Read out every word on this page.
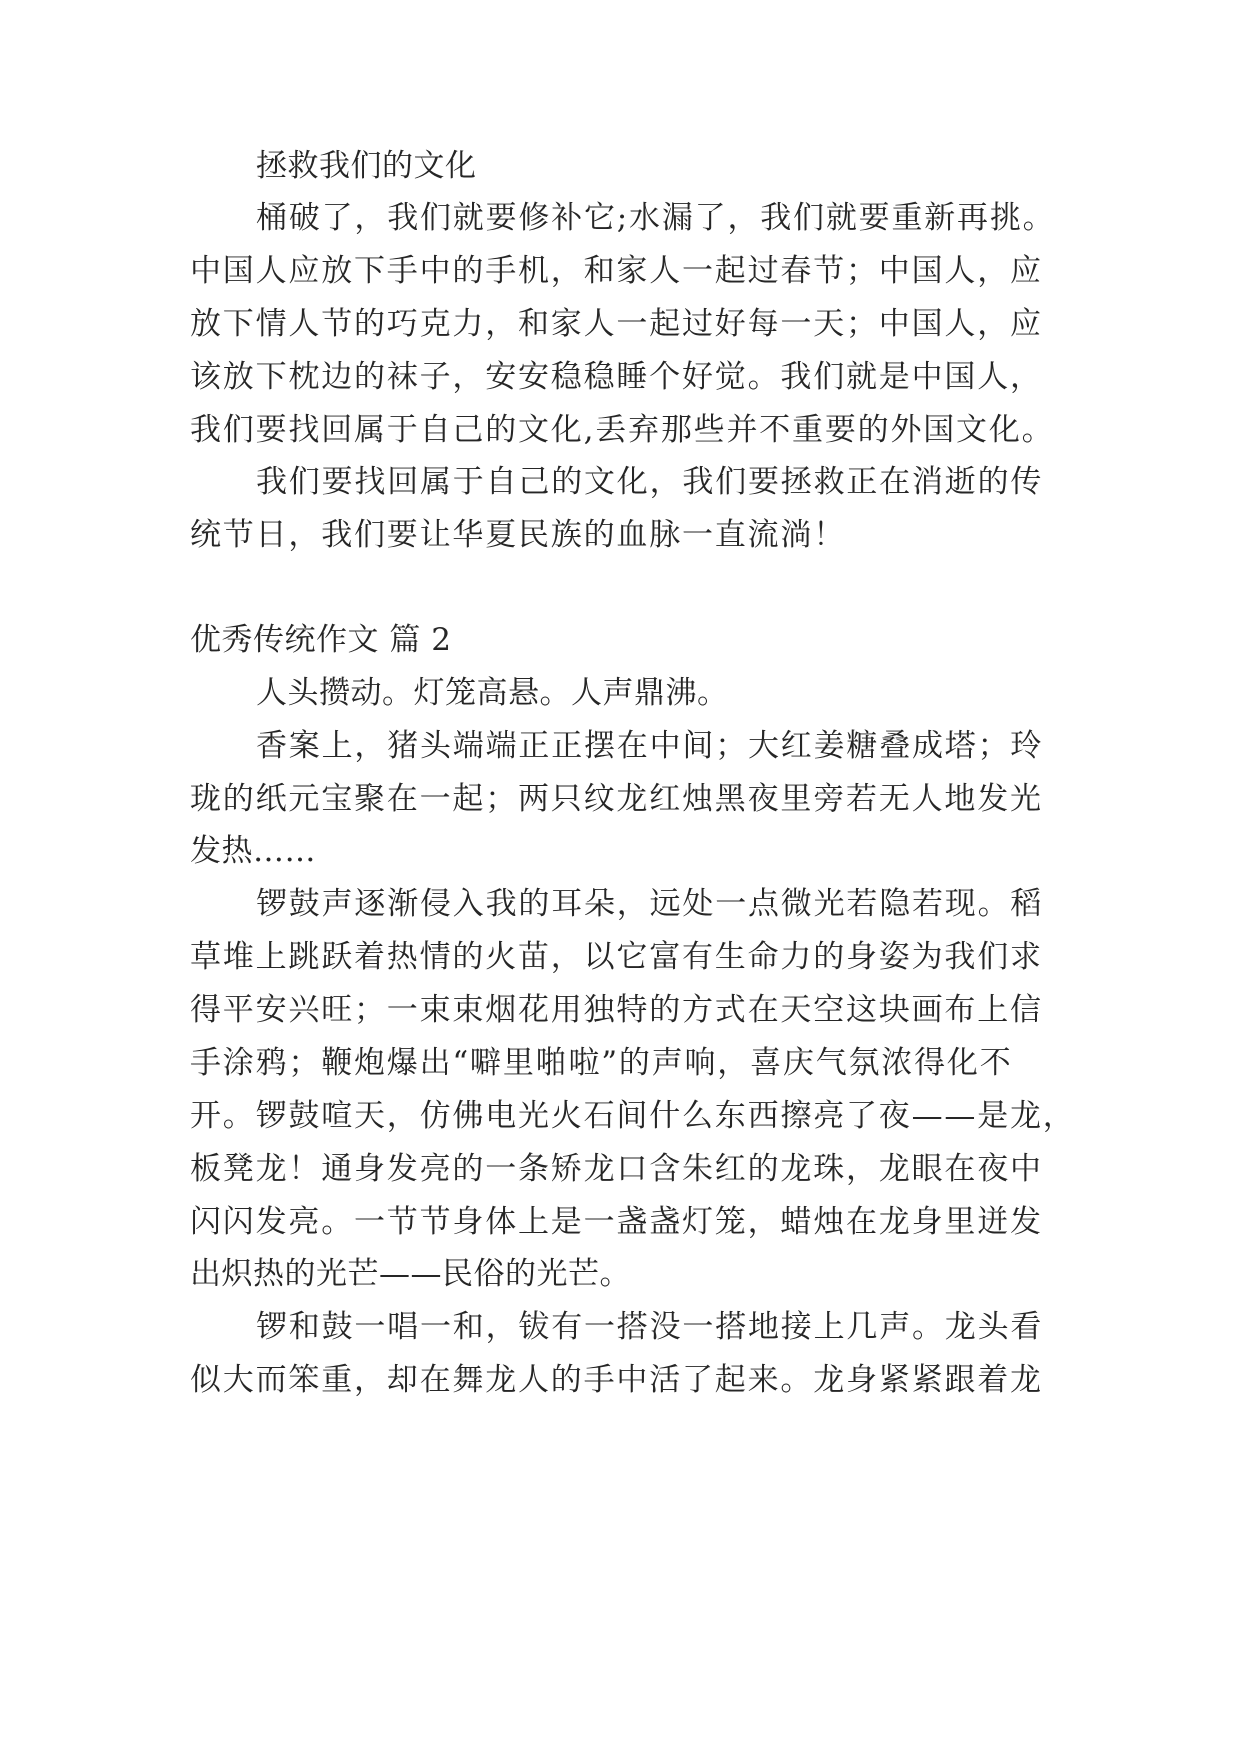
拯救我们的文化
桶破了，我们就要修补它;水漏了，我们就要重新再挑。
中国人应放下手中的手机，和家人一起过春节；中国人，应
放下情人节的巧克力，和家人一起过好每一天；中国人，应
该放下枕边的袜子，安安稳稳睡个好觉。我们就是中国人，
我们要找回属于自己的文化,丢弃那些并不重要的外国文化。
我们要找回属于自己的文化，我们要拯救正在消逝的传
统节日，我们要让华夏民族的血脉一直流淌！
优秀传统作文 篇 2
人头攒动。灯笼高悬。人声鼎沸。
香案上，猪头端端正正摆在中间；大红姜糖叠成塔；玲
珑的纸元宝聚在一起；两只纹龙红烛黑夜里旁若无人地发光
发热……
锣鼓声逐渐侵入我的耳朵，远处一点微光若隐若现。稻
草堆上跳跃着热情的火苗，以它富有生命力的身姿为我们求
得平安兴旺；一束束烟花用独特的方式在天空这块画布上信
手涂鸦；鞭炮爆出“噼里啪啦”的声响，喜庆气氛浓得化不
开。锣鼓喧天，仿佛电光火石间什么东西擦亮了夜——是龙，
板凳龙！通身发亮的一条矫龙口含朱红的龙珠，龙眼在夜中
闪闪发亮。一节节身体上是一盏盏灯笼，蜡烛在龙身里迸发
出炽热的光芒——民俗的光芒。
锣和鼓一唱一和，钹有一搭没一搭地接上几声。龙头看
似大而笨重，却在舞龙人的手中活了起来。龙身紧紧跟着龙
